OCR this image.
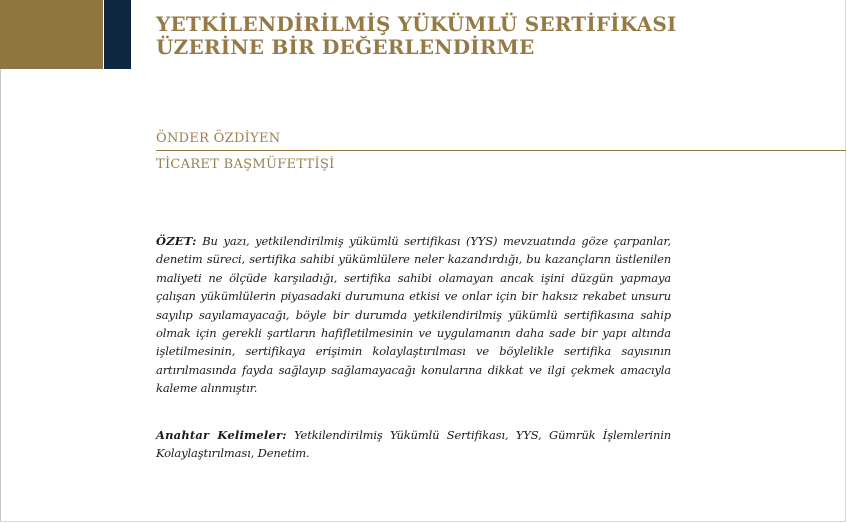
YETKİLENDİRİLMİŞ YÜKÜMLÜ SERTİFİKASI
ÜZERİNE BİR DEĞERLENDİRME
ÖNDER ÖZDİYEN
TİCARET BAŞMÜFETTİŞİ

ÖZET: Bu yazı, yetkilendirilmiş yükümlü sertifikası (YYS) mevzuatında göze çarpanlar, denetim süreci, sertifika sahibi yükümlülere neler kazandırdığı, bu kazançların üstlenilen maliyeti ne ölçüde karşıladığı, sertifika sahibi olamayan ancak işini düzgün yapmaya çalışan yükümlülerin piyasadaki durumuna etkisi ve onlar için bir haksız rekabet unsuru sayılıp sayılamayacağı, böyle bir durumda yetkilendirilmiş yükümlü sertifikasına sahip olmak için gerekli şartların hafifletilmesinin ve uygulamanın daha sade bir yapı altında işletilmesinin, sertifikaya erişimin kolaylaştırılması ve böylelikle sertifika sayısının artırılmasında fayda sağlayıp sağlamayacağı konularına dikkat ve ilgi çekmek amacıyla kaleme alınmıştır.

Anahtar Kelimeler: Yetkilendirilmiş Yükümlü Sertifikası, YYS, Gümrük İşlemlerinin Kolaylaştırılması, Denetim.
